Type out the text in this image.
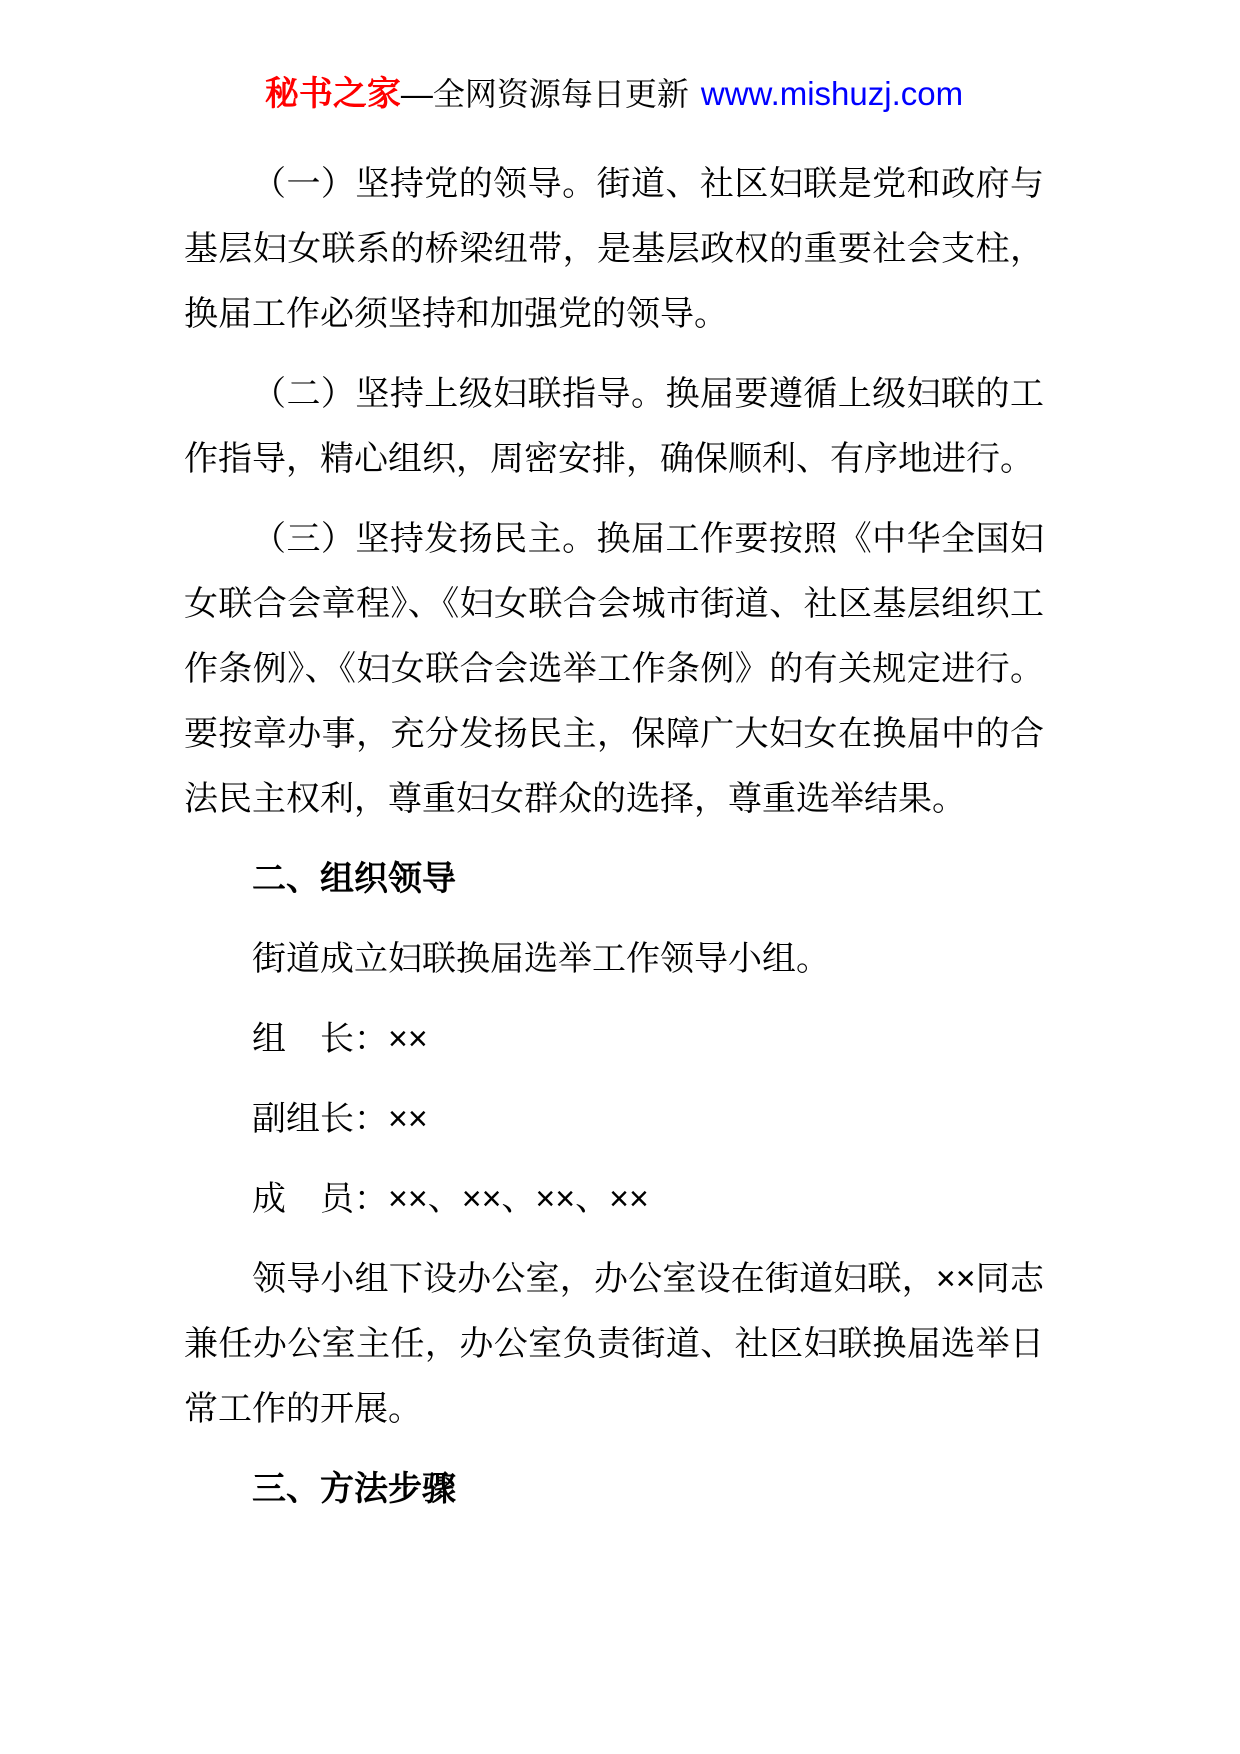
秘书之家—全网资源每日更新 www.mishuzj.com

（一）坚持党的领导。街道、社区妇联是党和政府与基层妇女联系的桥梁纽带，是基层政权的重要社会支柱，换届工作必须坚持和加强党的领导。

（二）坚持上级妇联指导。换届要遵循上级妇联的工作指导，精心组织，周密安排，确保顺利、有序地进行。

（三）坚持发扬民主。换届工作要按照《中华全国妇女联合会章程》、《妇女联合会城市街道、社区基层组织工作条例》、《妇女联合会选举工作条例》的有关规定进行。要按章办事，充分发扬民主，保障广大妇女在换届中的合法民主权利，尊重妇女群众的选择，尊重选举结果。

二、组织领导

街道成立妇联换届选举工作领导小组。

组　长：××

副组长：××

成　员：××、××、××、××

领导小组下设办公室，办公室设在街道妇联，××同志兼任办公室主任，办公室负责街道、社区妇联换届选举日常工作的开展。

三、方法步骤
